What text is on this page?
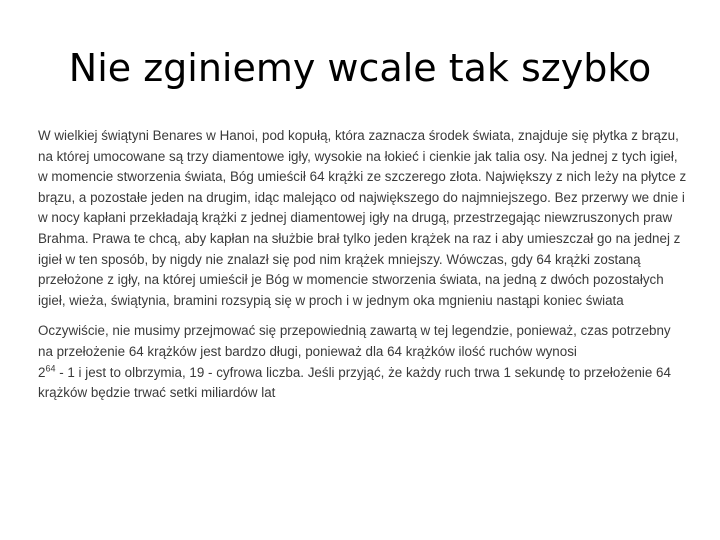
Nie zginiemy wcale tak szybko

W wielkiej świątyni Benares w Hanoi, pod kopułą, która zaznacza środek świata, znajduje się płytka z brązu, na której umocowane są trzy diamentowe igły, wysokie na łokieć i cienkie jak talia osy. Na jednej z tych igieł, w momencie stworzenia świata, Bóg umieścił 64 krążki ze szczerego złota. Największy z nich leży na płytce z brązu, a pozostałe jeden na drugim, idąc malejąco od największego do najmniejszego. Bez przerwy we dnie i w nocy kapłani przekładają krążki z jednej diamentowej igły na drugą, przestrzegając niewzruszonych praw Brahma. Prawa te chcą, aby kapłan na służbie brał tylko jeden krążek na raz i aby umieszczał go na jednej z igieł w ten sposób, by nigdy nie znalazł się pod nim krążek mniejszy. Wówczas, gdy 64 krążki zostaną przełożone z igły, na której umieścił je Bóg w momencie stworzenia świata, na jedną z dwóch pozostałych igieł, wieża, świątynia, bramini rozsypią się w proch i w jednym oka mgnieniu nastąpi koniec świata

Oczywiście, nie musimy przejmować się przepowiednią zawartą w tej legendzie, ponieważ, czas potrzebny na przełożenie 64 krążków jest bardzo długi, ponieważ dla 64 krążków ilość ruchów wynosi
$2^{64} - 1$ i jest to olbrzymia, 19 - cyfrowa liczba. Jeśli przyjąć, że każdy ruch trwa 1 sekundę to przełożenie 64 krążków będzie trwać setki miliardów lat
